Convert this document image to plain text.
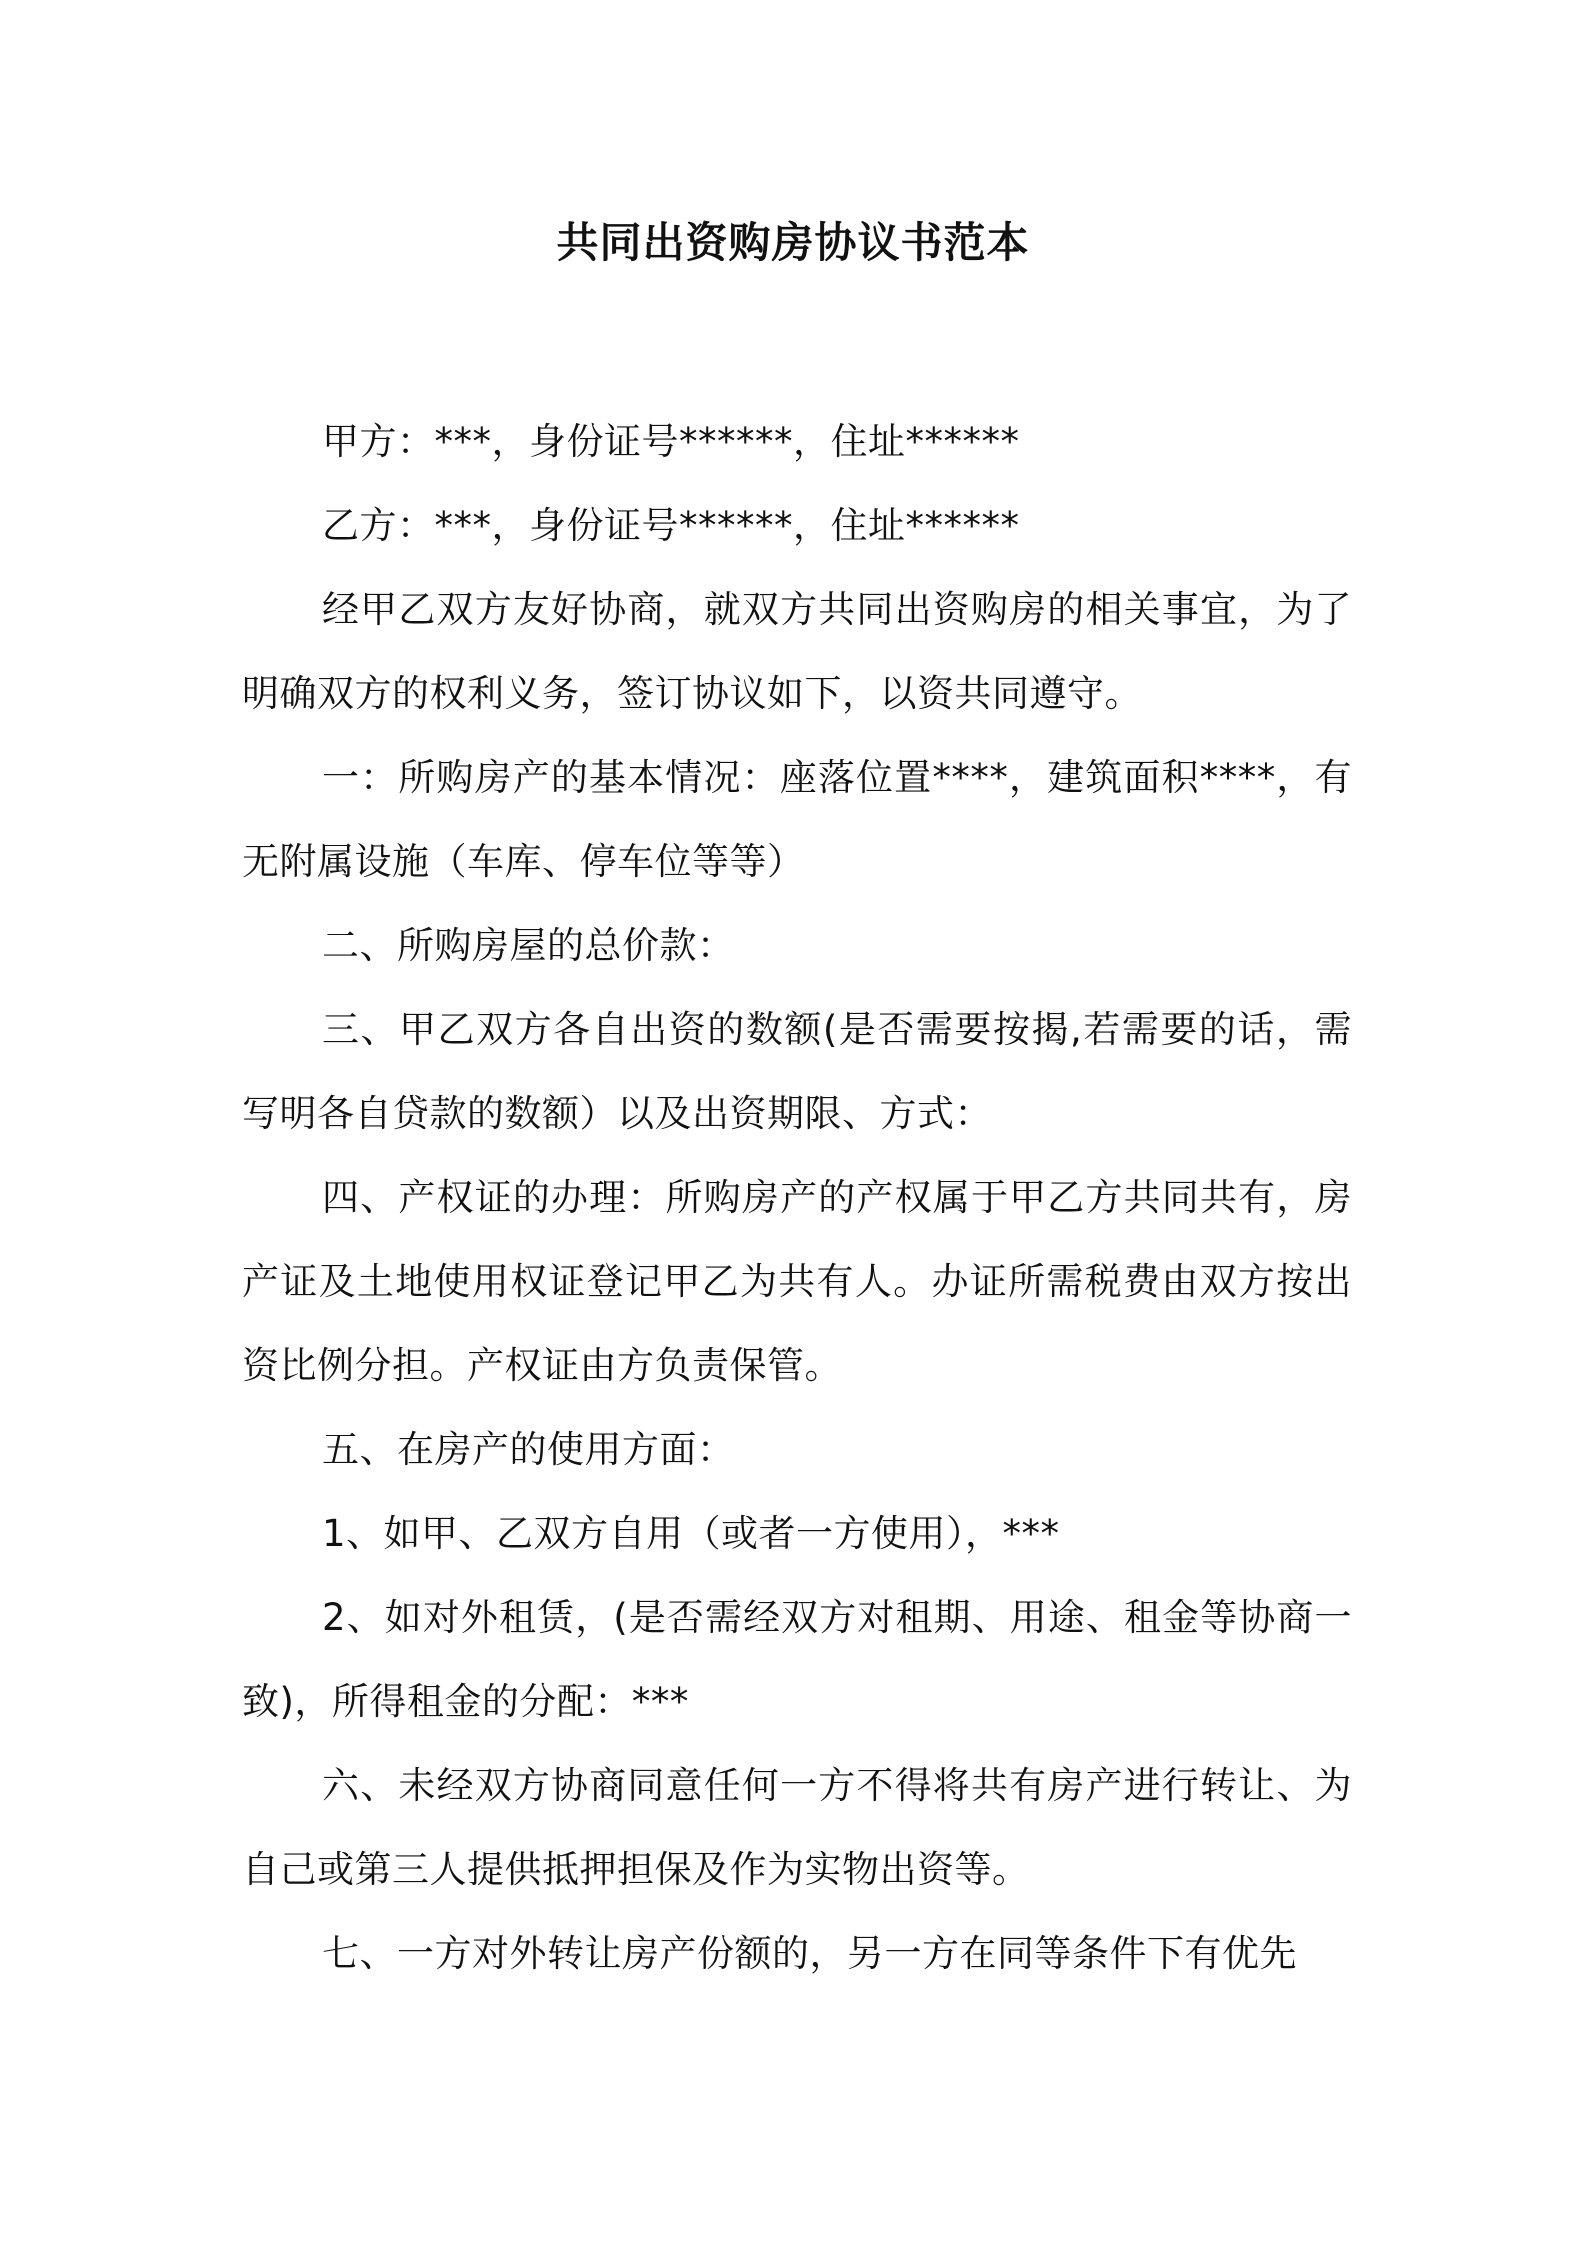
共同出资购房协议书范本

甲方：***，身份证号******，住址******

乙方：***，身份证号******，住址******

经甲乙双方友好协商，就双方共同出资购房的相关事宜，为了明确双方的权利义务，签订协议如下，以资共同遵守。

一：所购房产的基本情况：座落位置****，建筑面积****，有无附属设施（车库、停车位等等）

二、所购房屋的总价款：

三、甲乙双方各自出资的数额(是否需要按揭,若需要的话，需写明各自贷款的数额）以及出资期限、方式：

四、产权证的办理：所购房产的产权属于甲乙方共同共有，房产证及土地使用权证登记甲乙为共有人。办证所需税费由双方按出资比例分担。产权证由方负责保管。

五、在房产的使用方面：

1、如甲、乙双方自用（或者一方使用），***

2、如对外租赁，(是否需经双方对租期、用途、租金等协商一致)，所得租金的分配：***

六、未经双方协商同意任何一方不得将共有房产进行转让、为自己或第三人提供抵押担保及作为实物出资等。

七、一方对外转让房产份额的，另一方在同等条件下有优先
